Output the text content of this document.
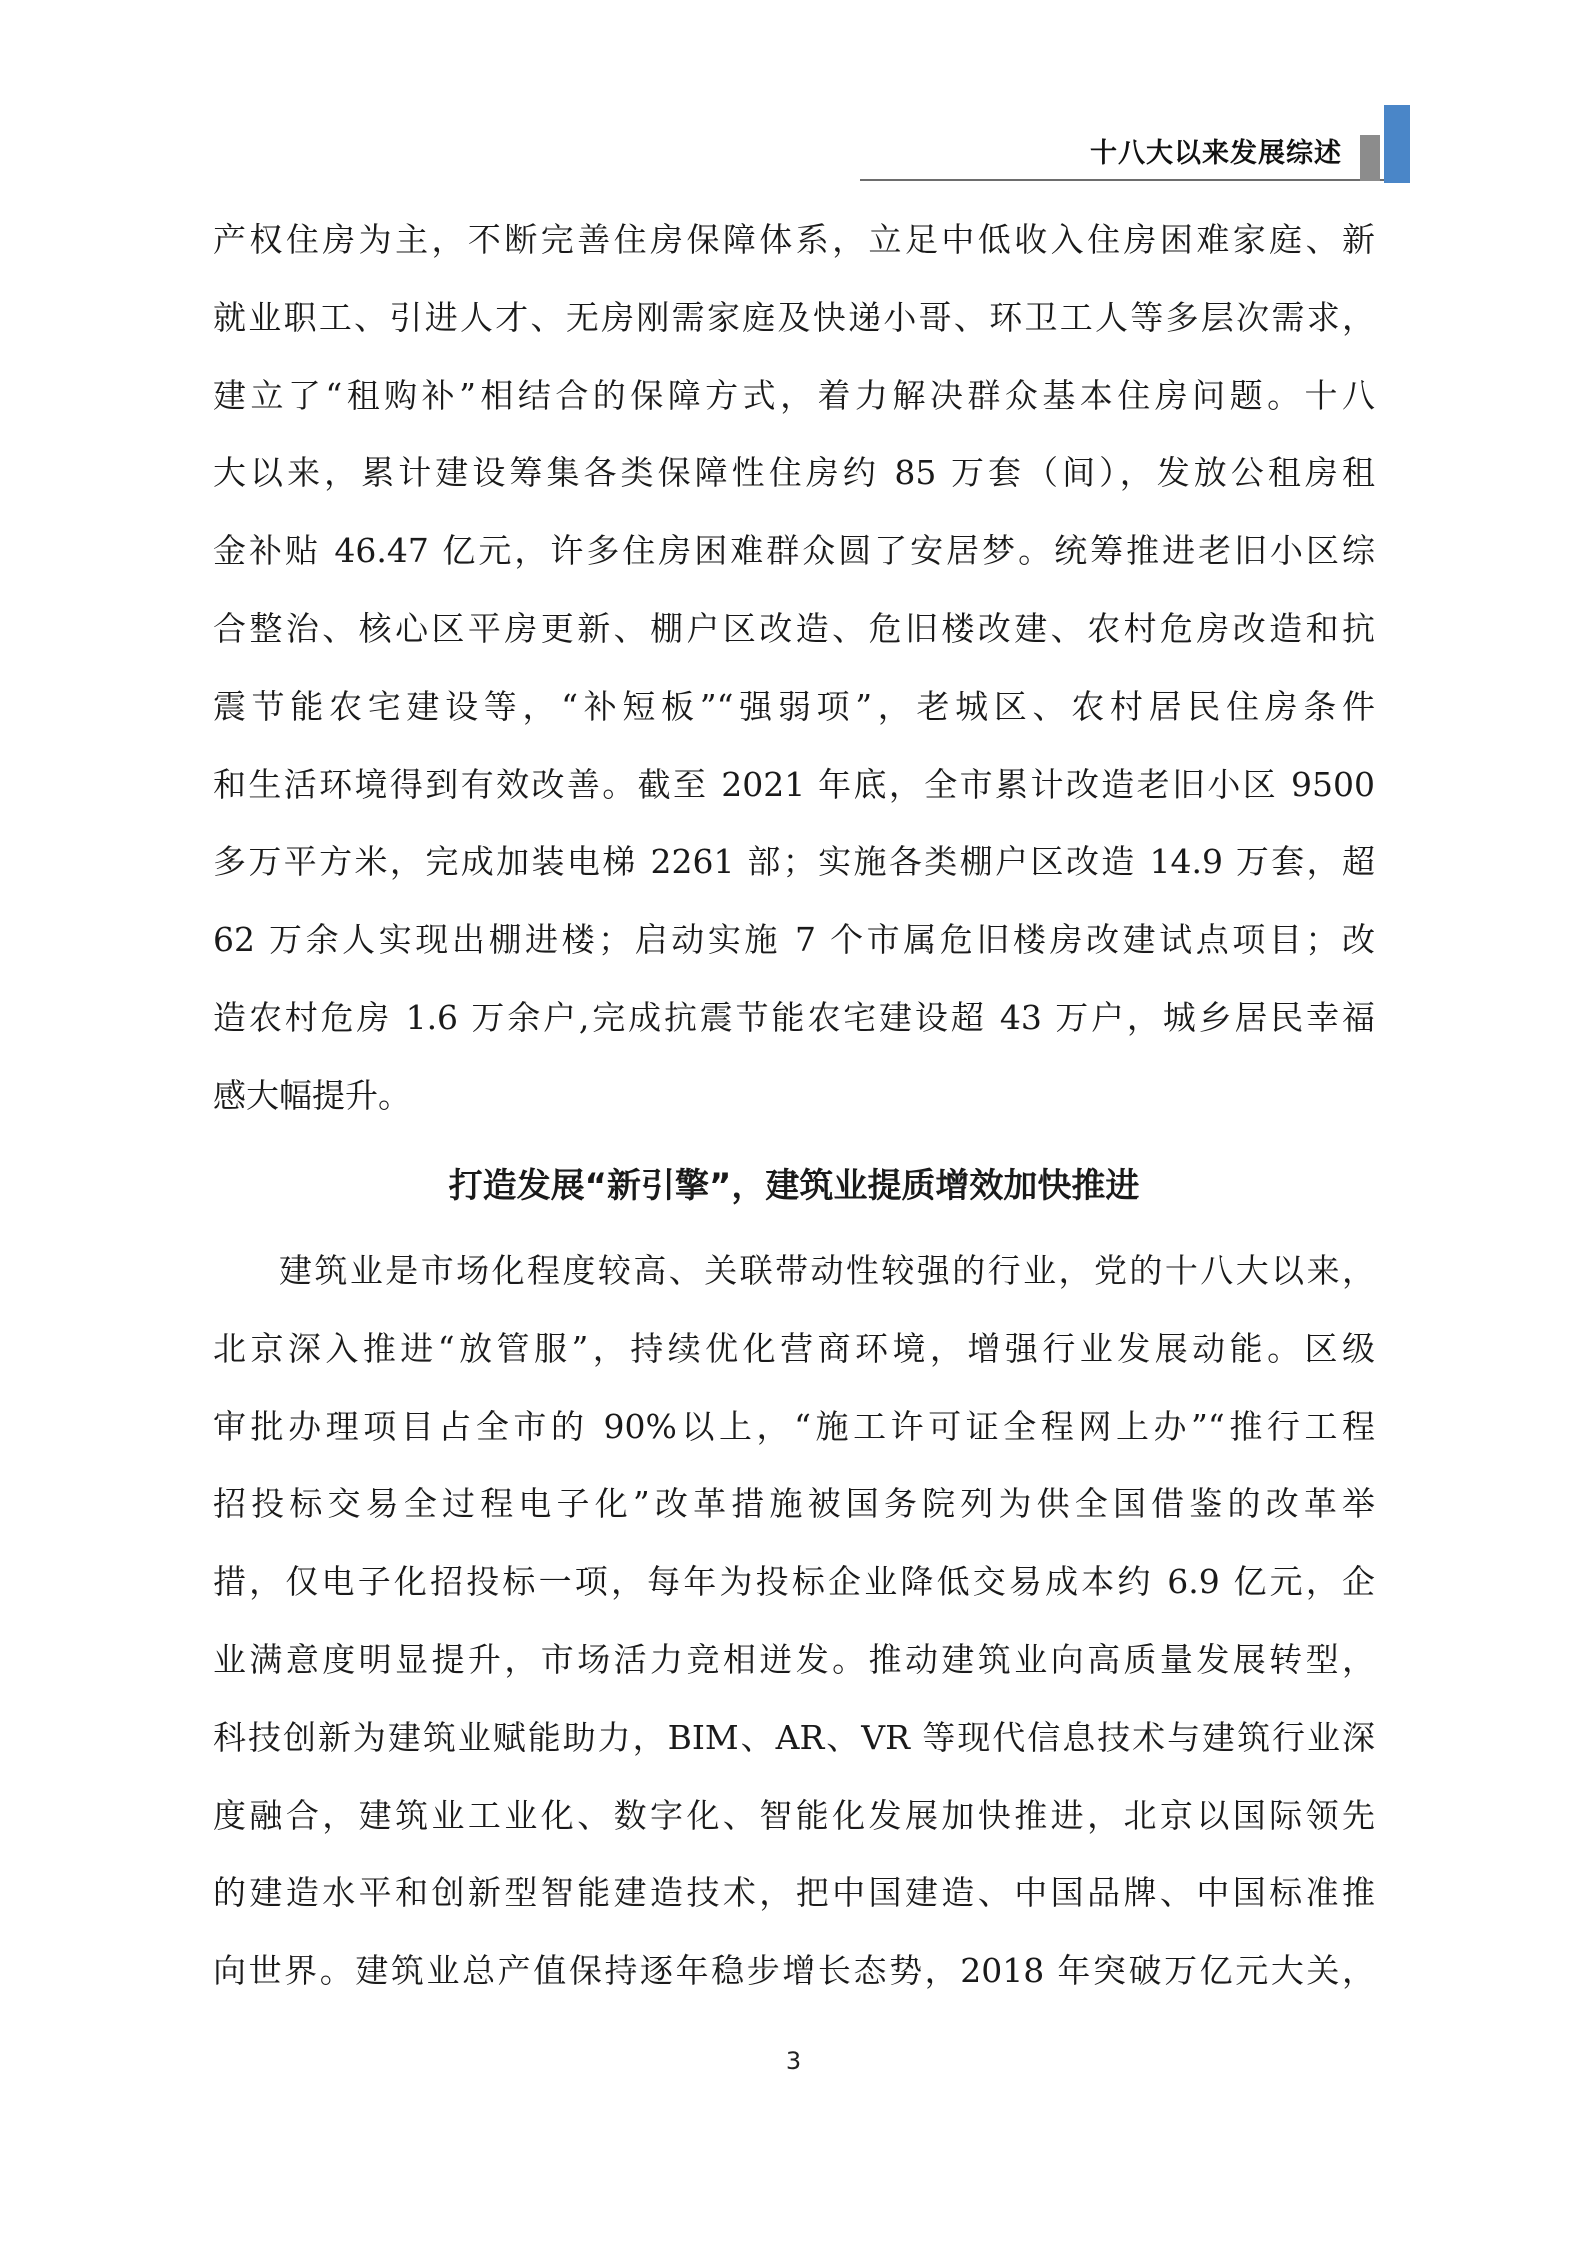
十八大以来发展综述
产权住房为主，不断完善住房保障体系，立足中低收入住房困难家庭、新
就业职工、引进人才、无房刚需家庭及快递小哥、环卫工人等多层次需求，
建立了“租购补”相结合的保障方式，着力解决群众基本住房问题。十八
大以来，累计建设筹集各类保障性住房约 85 万套（间），发放公租房租
金补贴 46.47 亿元，许多住房困难群众圆了安居梦。统筹推进老旧小区综
合整治、核心区平房更新、棚户区改造、危旧楼改建、农村危房改造和抗
震节能农宅建设等，“补短板”“强弱项”，老城区、农村居民住房条件
和生活环境得到有效改善。截至 2021 年底，全市累计改造老旧小区 9500
多万平方米，完成加装电梯 2261 部；实施各类棚户区改造 14.9 万套，超
62 万余人实现出棚进楼；启动实施 7 个市属危旧楼房改建试点项目；改
造农村危房 1.6 万余户,完成抗震节能农宅建设超 43 万户，城乡居民幸福
感大幅提升。
打造发展“新引擎”，建筑业提质增效加快推进
建筑业是市场化程度较高、关联带动性较强的行业，党的十八大以来，
北京深入推进“放管服”，持续优化营商环境，增强行业发展动能。区级
审批办理项目占全市的 90%以上，“施工许可证全程网上办”“推行工程
招投标交易全过程电子化”改革措施被国务院列为供全国借鉴的改革举
措，仅电子化招投标一项，每年为投标企业降低交易成本约 6.9 亿元，企
业满意度明显提升，市场活力竞相迸发。推动建筑业向高质量发展转型，
科技创新为建筑业赋能助力，BIM、AR、VR 等现代信息技术与建筑行业深
度融合，建筑业工业化、数字化、智能化发展加快推进，北京以国际领先
的建造水平和创新型智能建造技术，把中国建造、中国品牌、中国标准推
向世界。建筑业总产值保持逐年稳步增长态势，2018 年突破万亿元大关，
3
